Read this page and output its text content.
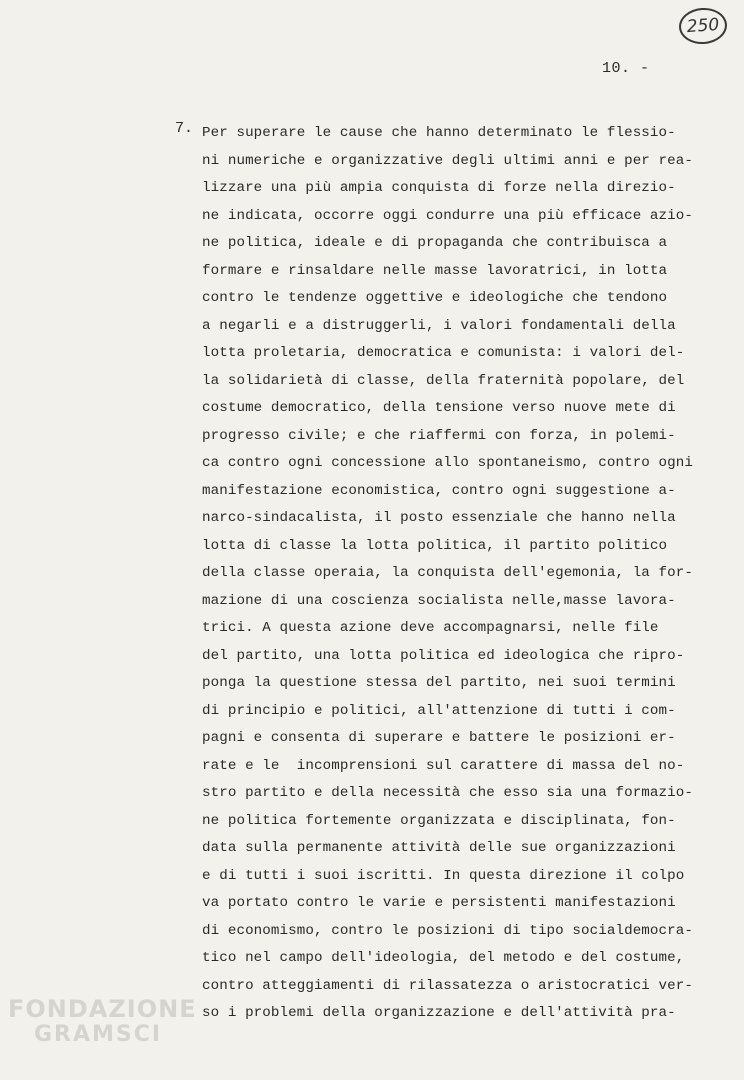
250
10. -
7. Per superare le cause che hanno determinato le flessio-
ni numeriche e organizzative degli ultimi anni e per rea-
lizzare una più ampia conquista di forze nella direzio-
ne indicata, occorre oggi condurre una più efficace azio-
ne politica, ideale e di propaganda che contribuisca a
formare e rinsaldare nelle masse lavoratrici, in lotta
contro le tendenze oggettive e ideologiche che tendono
a negarli e a distruggerli, i valori fondamentali della
lotta proletaria, democratica e comunista: i valori del-
la solidarietà di classe, della fraternità popolare, del
costume democratico, della tensione verso nuove mete di
progresso civile; e che riaffermi con forza, in polemi-
ca contro ogni concessione allo spontaneismo, contro ogni
manifestazione economistica, contro ogni suggestione a-
narco-sindacalista, il posto essenziale che hanno nella
lotta di classe la lotta politica, il partito politico
della classe operaia, la conquista dell'egemonia, la for-
mazione di una coscienza socialista nelle,masse lavora-
trici. A questa azione deve accompagnarsi, nelle file
del partito, una lotta politica ed ideologica che ripro-
ponga la questione stessa del partito, nei suoi termini
di principio e politici, all'attenzione di tutti i com-
pagni e consenta di superare e battere le posizioni er-
rate e le  incomprensioni sul carattere di massa del no-
stro partito e della necessità che esso sia una formazio-
ne politica fortemente organizzata e disciplinata, fon-
data sulla permanente attività delle sue organizzazioni
e di tutti i suoi iscritti. In questa direzione il colpo
va portato contro le varie e persistenti manifestazioni
di economismo, contro le posizioni di tipo socialdemocra-
tico nel campo dell'ideologia, del metodo e del costume,
contro atteggiamenti di rilassatezza o aristocratici ver-
so i problemi della organizzazione e dell'attività pra-
FONDAZIONE
GRAMSCI
